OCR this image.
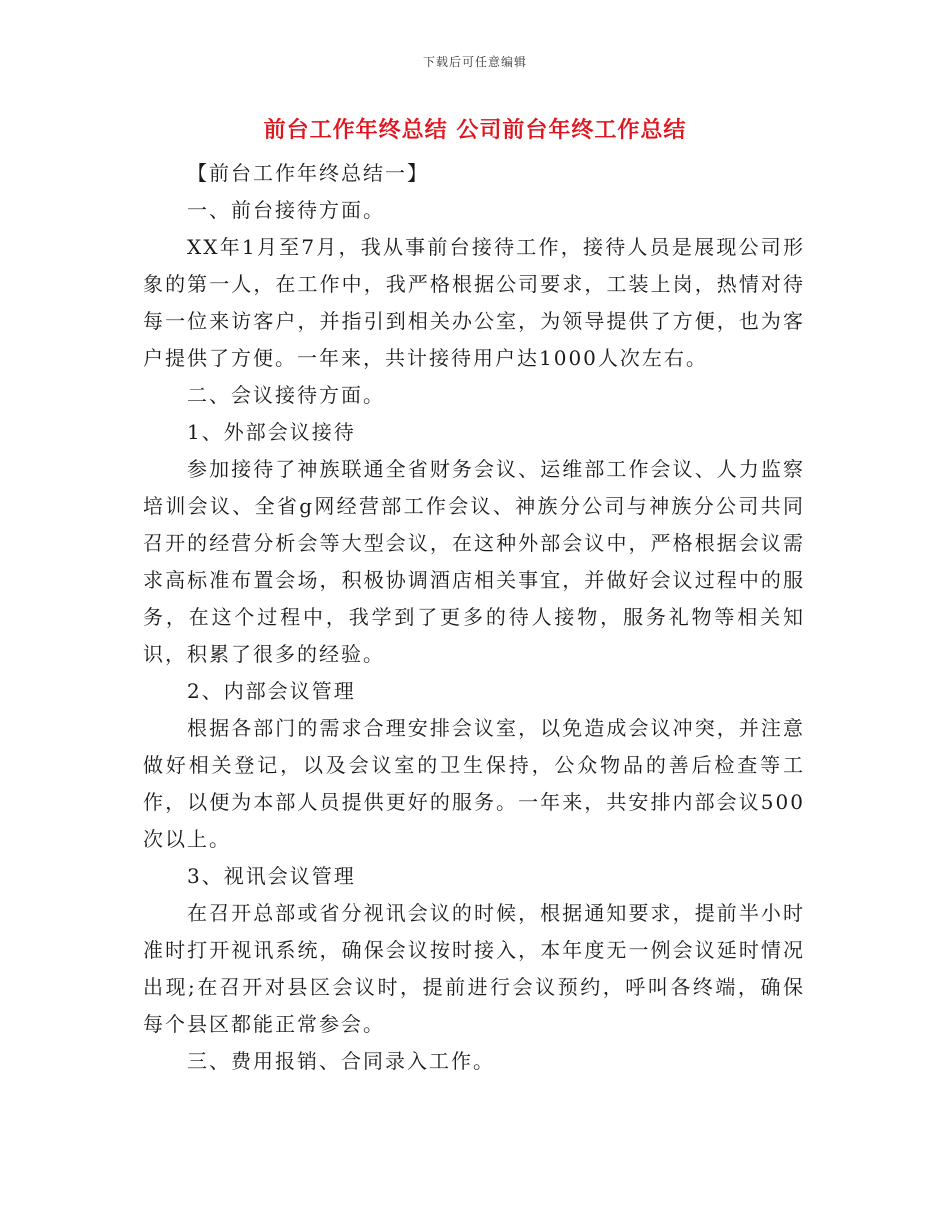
下载后可任意编辑
前台工作年终总结 公司前台年终工作总结

【前台工作年终总结一】

一、前台接待方面。

XX年1月至7月，我从事前台接待工作，接待人员是展现公司形象的第一人，在工作中，我严格根据公司要求，工装上岗，热情对待每一位来访客户，并指引到相关办公室，为领导提供了方便，也为客户提供了方便。一年来，共计接待用户达1000人次左右。

二、会议接待方面。

1、外部会议接待

参加接待了神族联通全省财务会议、运维部工作会议、人力监察培训会议、全省g网经营部工作会议、神族分公司与神族分公司共同召开的经营分析会等大型会议，在这种外部会议中，严格根据会议需求高标准布置会场，积极协调酒店相关事宜，并做好会议过程中的服务，在这个过程中，我学到了更多的待人接物，服务礼物等相关知识，积累了很多的经验。

2、内部会议管理

根据各部门的需求合理安排会议室，以免造成会议冲突，并注意做好相关登记，以及会议室的卫生保持，公众物品的善后检查等工作，以便为本部人员提供更好的服务。一年来，共安排内部会议500次以上。

3、视讯会议管理

在召开总部或省分视讯会议的时候，根据通知要求，提前半小时准时打开视讯系统，确保会议按时接入，本年度无一例会议延时情况出现;在召开对县区会议时，提前进行会议预约，呼叫各终端，确保每个县区都能正常参会。

三、费用报销、合同录入工作。
